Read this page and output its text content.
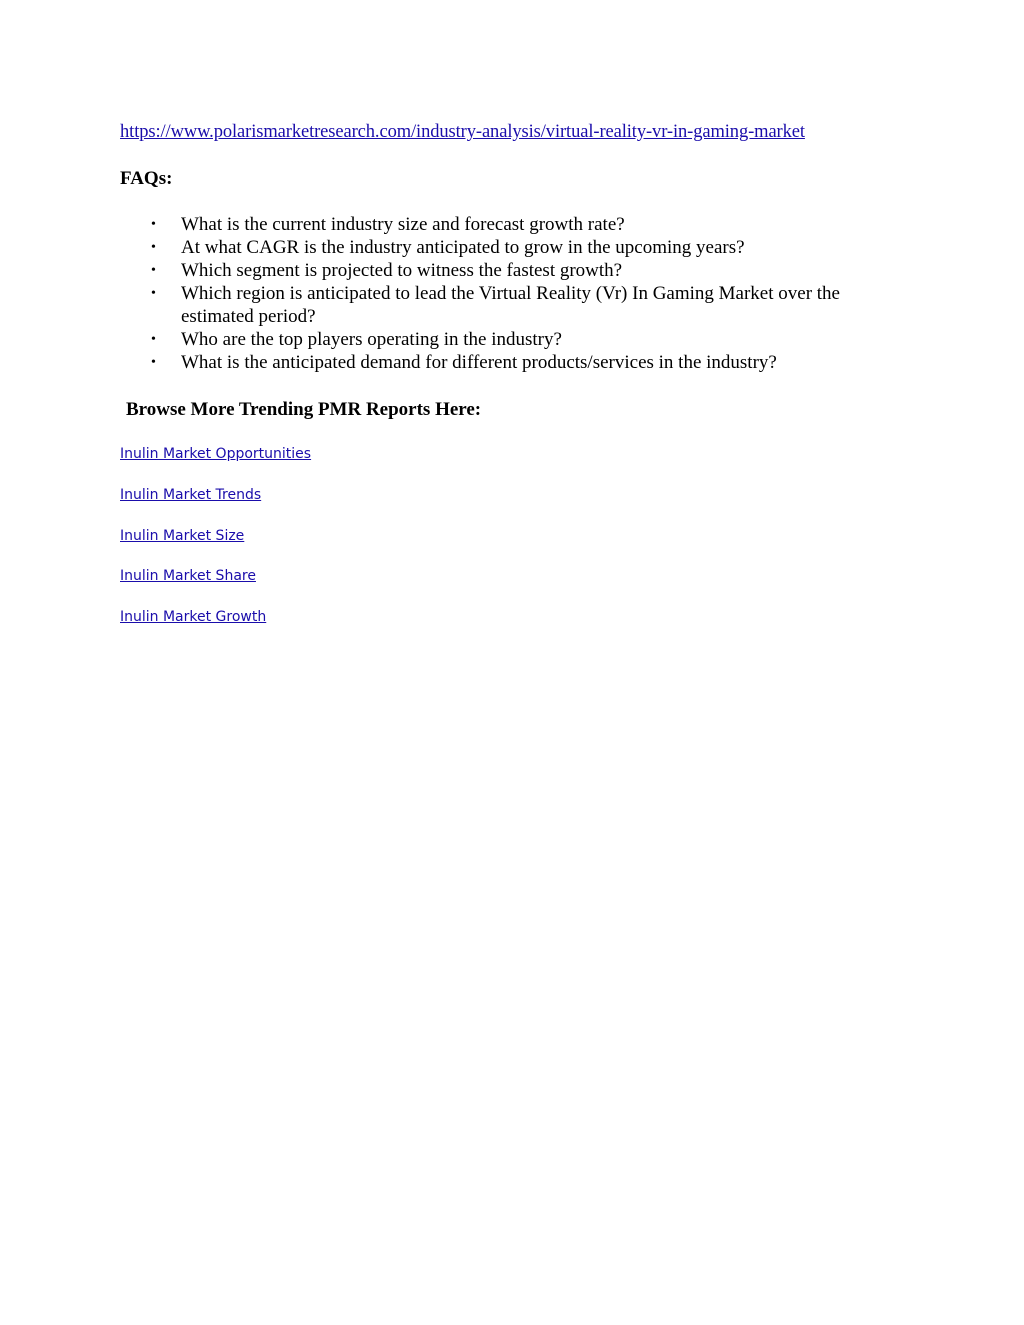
https://www.polarismarketresearch.com/industry-analysis/virtual-reality-vr-in-gaming-market
FAQs:
• What is the current industry size and forecast growth rate?
• At what CAGR is the industry anticipated to grow in the upcoming years?
• Which segment is projected to witness the fastest growth?
• Which region is anticipated to lead the Virtual Reality (Vr) In Gaming Market over the estimated period?
• Who are the top players operating in the industry?
• What is the anticipated demand for different products/services in the industry?
Browse More Trending PMR Reports Here:
Inulin Market Opportunities
Inulin Market Trends
Inulin Market Size
Inulin Market Share
Inulin Market Growth
